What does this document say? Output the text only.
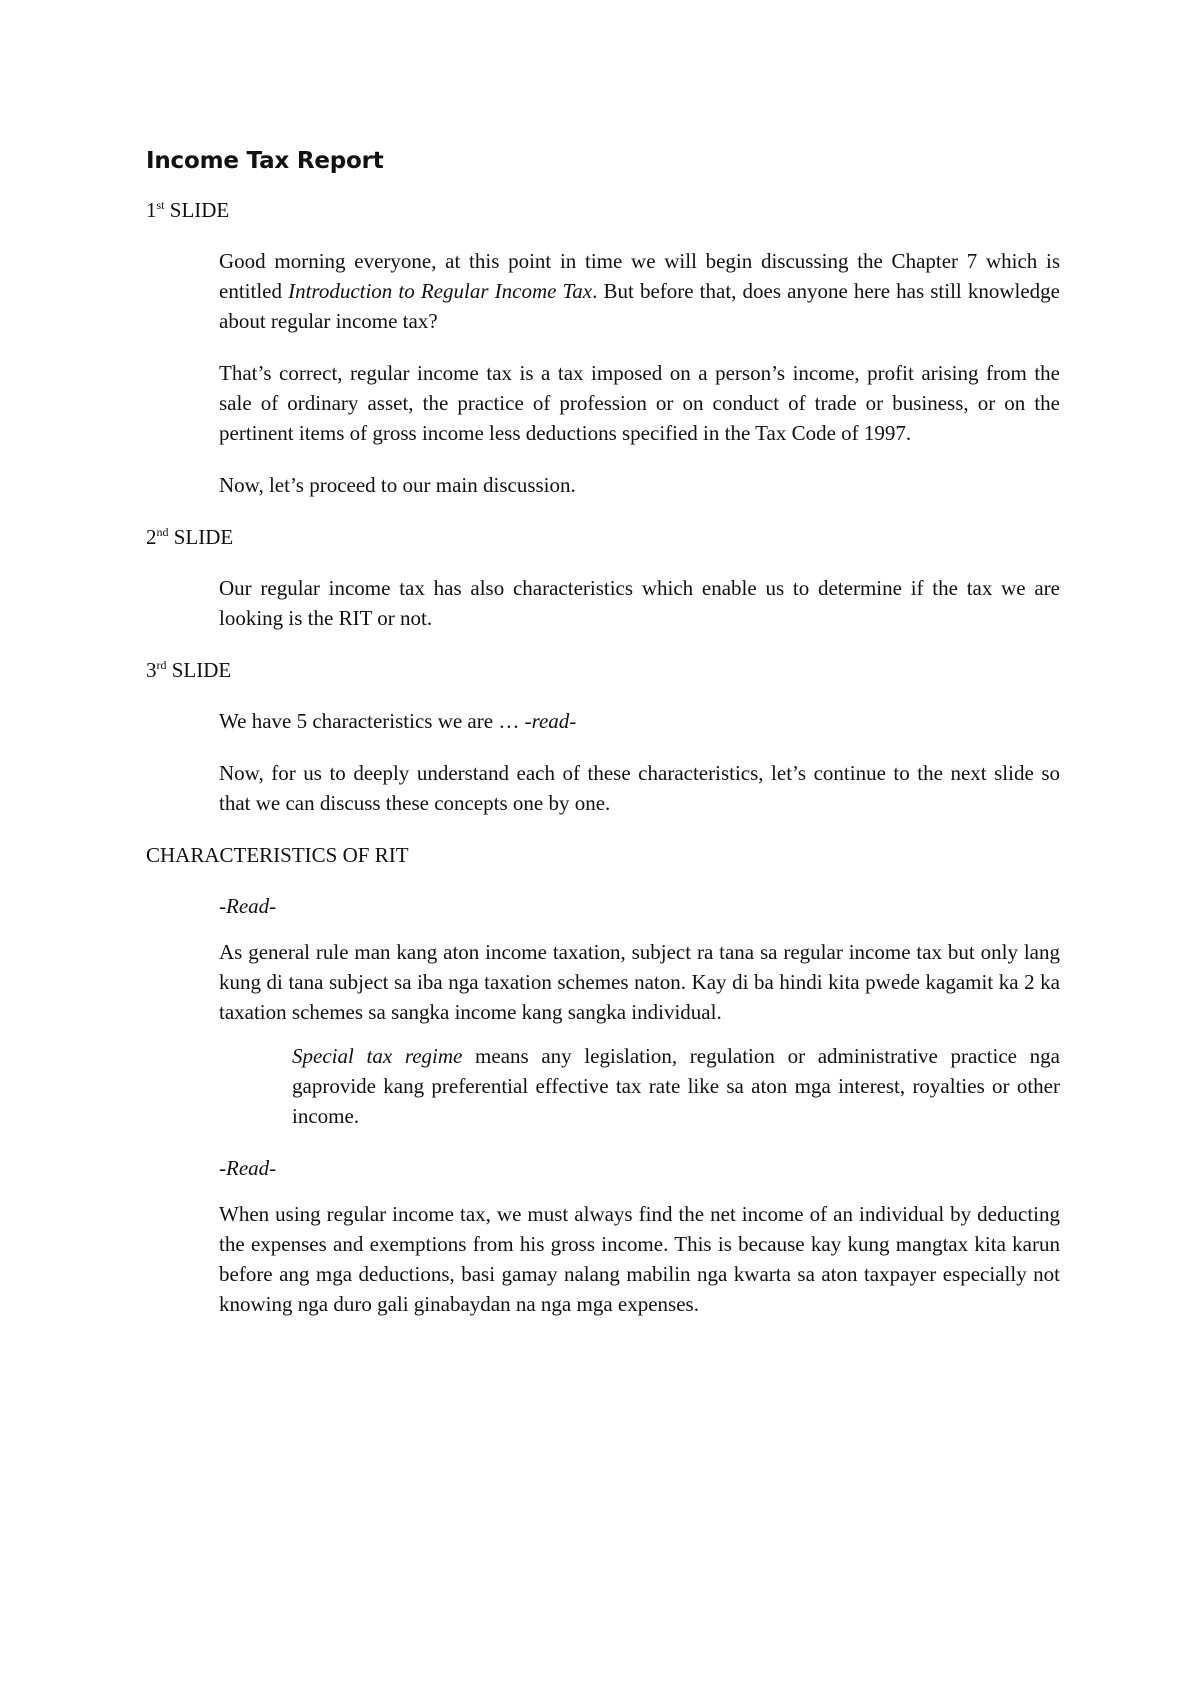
Income Tax Report
1st SLIDE

Good morning everyone, at this point in time we will begin discussing the Chapter 7 which is entitled Introduction to Regular Income Tax. But before that, does anyone here has still knowledge about regular income tax?

That’s correct, regular income tax is a tax imposed on a person’s income, profit arising from the sale of ordinary asset, the practice of profession or on conduct of trade or business, or on the pertinent items of gross income less deductions specified in the Tax Code of 1997.

Now, let’s proceed to our main discussion.

2nd SLIDE

Our regular income tax has also characteristics which enable us to determine if the tax we are looking is the RIT or not.

3rd SLIDE

We have 5 characteristics we are … -read-

Now, for us to deeply understand each of these characteristics, let’s continue to the next slide so that we can discuss these concepts one by one.

CHARACTERISTICS OF RIT
-Read-

As general rule man kang aton income taxation, subject ra tana sa regular income tax but only lang kung di tana subject sa iba nga taxation schemes naton. Kay di ba hindi kita pwede kagamit ka 2 ka taxation schemes sa sangka income kang sangka individual.

Special tax regime means any legislation, regulation or administrative practice nga gaprovide kang preferential effective tax rate like sa aton mga interest, royalties or other income.

-Read-

When using regular income tax, we must always find the net income of an individual by deducting the expenses and exemptions from his gross income. This is because kay kung mangtax kita karun before ang mga deductions, basi gamay nalang mabilin nga kwarta sa aton taxpayer especially not knowing nga duro gali ginabaydan na nga mga expenses.
